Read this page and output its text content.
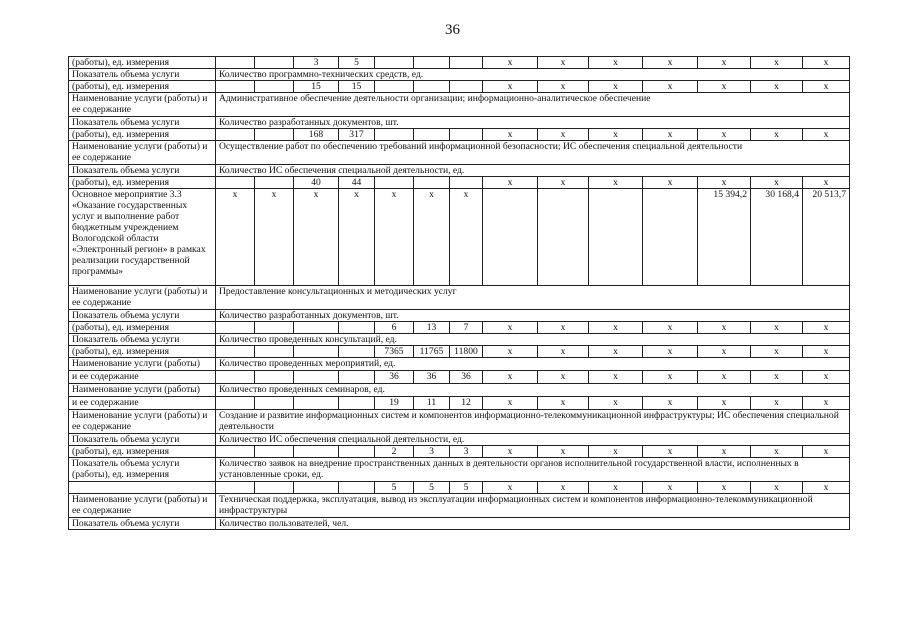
36
(работы), ед. измерения			3	5				x	x	x	x	x	x	x
Показатель объема услуги	Количество программно-технических средств, ед.													
(работы), ед. измерения			15	15				x	x	x	x	x	x	x
Наименование услуги (работы) и ее содержание	Административное обеспечение деятельности организации; информационно-аналитическое обеспечение													
Показатель объема услуги	Количество разработанных документов, шт.													
(работы), ед. измерения			168	317				x	x	x	x	x	x	x
Наименование услуги (работы) и ее содержание	Осуществление работ по обеспечению требований информационной безопасности; ИС обеспечения специальной деятельности													
Показатель объема услуги	Количество ИС обеспечения специальной деятельности, ед.													
(работы), ед. измерения			40	44				x	x	x	x	x	x	x
Основное мероприятие 3.3 «Оказание государственных услуг и выполнение работ бюджетным учреждением Вологодской области «Электронный регион» в рамках реализации государственной программы»	x	x	x	x	x	x	x					15 394,2	30 168,4	20 513,7
Наименование услуги (работы) и ее содержание	Предоставление консультационных и методических услуг													
Показатель объема услуги	Количество разработанных документов, шт.													
(работы), ед. измерения					6	13	7	x	x	x	x	x	x	x
Показатель объема услуги	Количество проведенных консультаций, ед.													
(работы), ед. измерения					7365	11765	11800	x	x	x	x	x	x	x
Наименование услуги (работы)	Количество проведенных мероприятий, ед.													
и ее содержание					36	36	36	x	x	x	x	x	x	x
Наименование услуги (работы)	Количество проведенных семинаров, ед.													
и ее содержание					19	11	12	x	x	x	x	x	x	x
Наименование услуги (работы) и ее содержание	Создание и развитие информационных систем и компонентов информационно-телекоммуникационной инфраструктуры; ИС обеспечения специальной деятельности													
Показатель объема услуги	Количество ИС обеспечения специальной деятельности, ед.													
(работы), ед. измерения					2	3	3	x	x	x	x	x	x	x
Показатель объема услуги (работы), ед. измерения	Количество заявок на внедрение пространственных данных в деятельности органов исполнительной государственной власти, исполненных в установленные сроки, ед.													
					5	5	5	x	x	x	x	x	x	x
Наименование услуги (работы) и ее содержание	Техническая поддержка, эксплуатация, вывод из эксплуатации информационных систем и компонентов информационно-телекоммуникационной инфраструктуры													
Показатель объема услуги	Количество пользователей, чел.													
